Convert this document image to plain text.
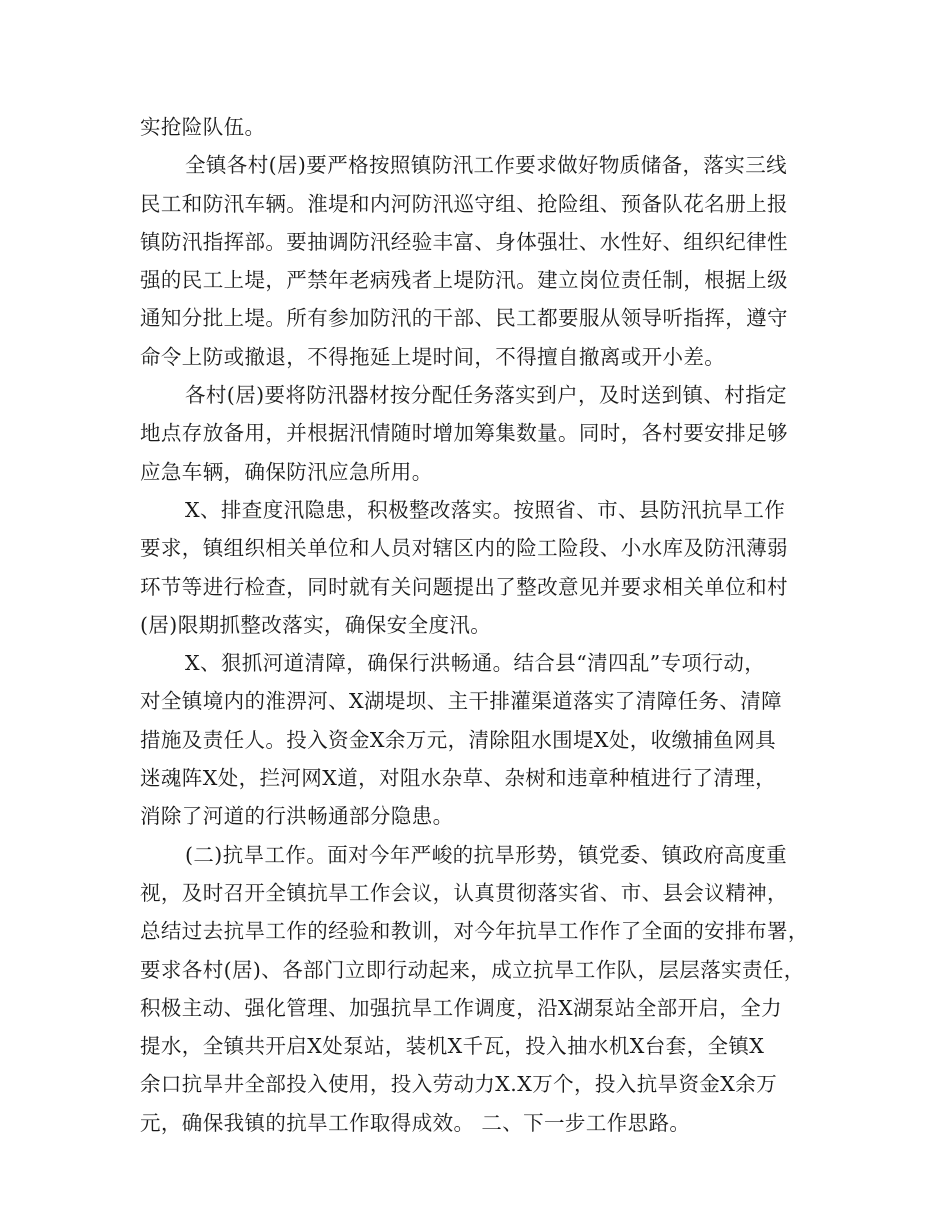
实抢险队伍。
全镇各村(居)要严格按照镇防汛工作要求做好物质储备，落实三线
民工和防汛车辆。淮堤和内河防汛巡守组、抢险组、预备队花名册上报
镇防汛指挥部。要抽调防汛经验丰富、身体强壮、水性好、组织纪律性
强的民工上堤，严禁年老病残者上堤防汛。建立岗位责任制，根据上级
通知分批上堤。所有参加防汛的干部、民工都要服从领导听指挥，遵守
命令上防或撤退，不得拖延上堤时间，不得擅自撤离或开小差。
各村(居)要将防汛器材按分配任务落实到户，及时送到镇、村指定
地点存放备用，并根据汛情随时增加筹集数量。同时，各村要安排足够
应急车辆，确保防汛应急所用。
X、排查度汛隐患，积极整改落实。按照省、市、县防汛抗旱工作
要求，镇组织相关单位和人员对辖区内的险工险段、小水库及防汛薄弱
环节等进行检查，同时就有关问题提出了整改意见并要求相关单位和村
(居)限期抓整改落实，确保安全度汛。
X、狠抓河道清障，确保行洪畅通。结合县“清四乱”专项行动，
对全镇境内的淮淠河、X湖堤坝、主干排灌渠道落实了清障任务、清障
措施及责任人。投入资金X余万元，清除阻水围堤X处，收缴捕鱼网具
迷魂阵X处，拦河网X道，对阻水杂草、杂树和违章种植进行了清理，
消除了河道的行洪畅通部分隐患。
(二)抗旱工作。面对今年严峻的抗旱形势，镇党委、镇政府高度重
视，及时召开全镇抗旱工作会议，认真贯彻落实省、市、县会议精神，
总结过去抗旱工作的经验和教训，对今年抗旱工作作了全面的安排布署，
要求各村(居)、各部门立即行动起来，成立抗旱工作队，层层落实责任，
积极主动、强化管理、加强抗旱工作调度，沿X湖泵站全部开启，全力
提水，全镇共开启X处泵站，装机X千瓦，投入抽水机X台套，全镇X
余口抗旱井全部投入使用，投入劳动力X.X万个，投入抗旱资金X余万
元，确保我镇的抗旱工作取得成效。 二、下一步工作思路。
